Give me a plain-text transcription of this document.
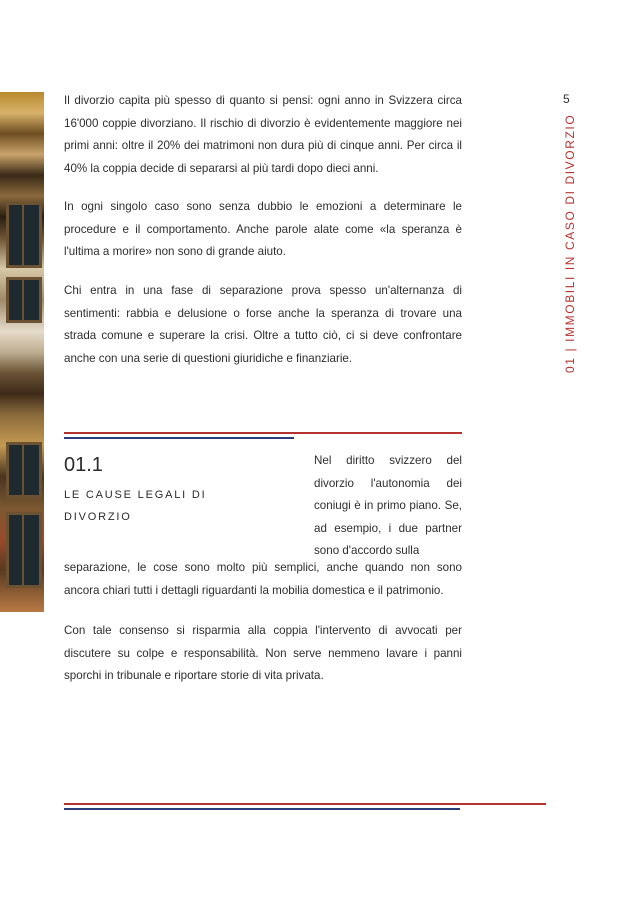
5
01 | IMMOBILI IN CASO DI DIVORZIO

Il divorzio capita più spesso di quanto si pensi: ogni anno in Svizzera circa 16'000 coppie divorziano. Il rischio di divorzio è evidentemente maggiore nei primi anni: oltre il 20% dei matrimoni non dura più di cinque anni. Per circa il 40% la coppia decide di separarsi al più tardi dopo dieci anni.

In ogni singolo caso sono senza dubbio le emozioni a determinare le procedure e il comportamento. Anche parole alate come «la speranza è l'ultima a morire» non sono di grande aiuto.

Chi entra in una fase di separazione prova spesso un'alternanza di sentimenti: rabbia e delusione o forse anche la speranza di trovare una strada comune e superare la crisi. Oltre a tutto ciò, ci si deve confrontare anche con una serie di questioni giuridiche e finanziarie.

01.1
LE CAUSE LEGALI DI DIVORZIO

Nel diritto svizzero del divorzio l'autonomia dei coniugi è in primo piano. Se, ad esempio, i due partner sono d'accordo sulla

separazione, le cose sono molto più semplici, anche quando non sono ancora chiari tutti i dettagli riguardanti la mobilia domestica e il patrimonio.

Con tale consenso si risparmia alla coppia l'intervento di avvocati per discutere su colpe e responsabilità. Non serve nemmeno lavare i panni sporchi in tribunale e riportare storie di vita privata.
